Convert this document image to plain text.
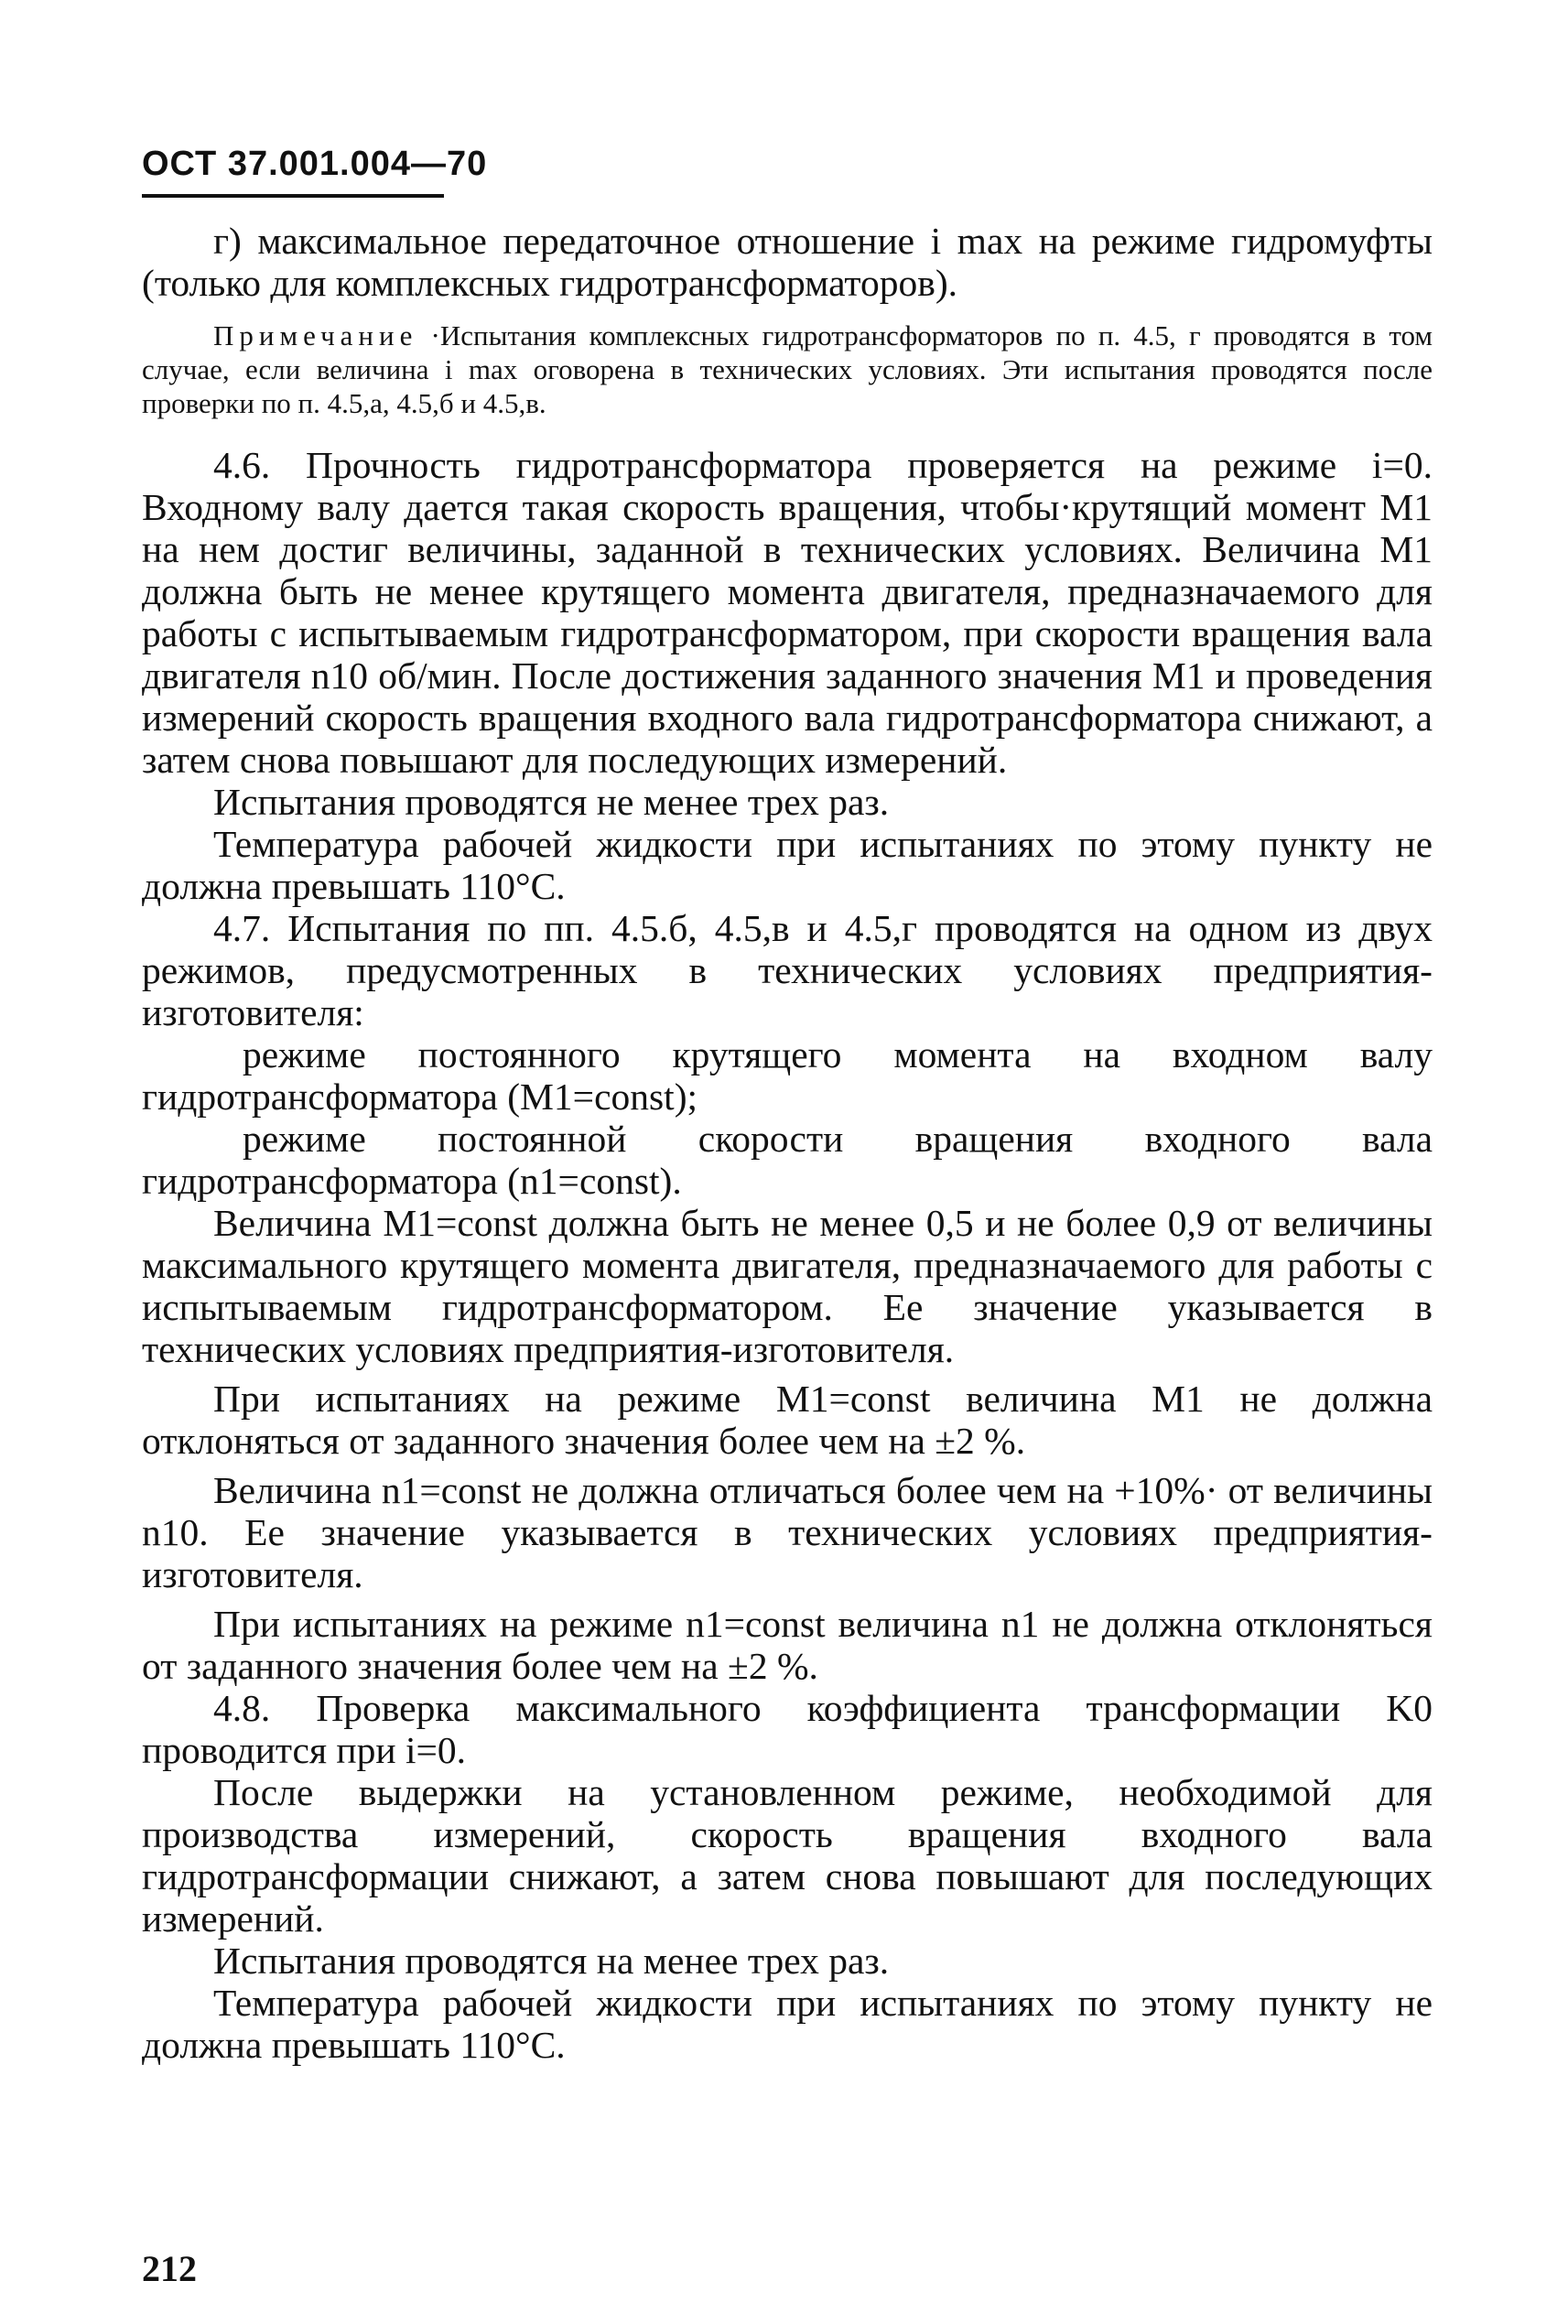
ОСТ 37.001.004—70

г) максимальное передаточное отношение i max на режиме гидромуфты (только для комплексных гидротрансформаторов).

Примечание ·Испытания комплексных гидротрансформаторов по п. 4.5, г проводятся в том случае, если величина i max оговорена в технических условиях. Эти испытания проводятся после проверки по п. 4.5,а, 4.5,б и 4.5,в.

4.6. Прочность гидротрансформатора проверяется на режиме i=0. Входному валу дается такая скорость вращения, чтобы·крутящий момент M1 на нем достиг величины, заданной в технических условиях. Величина M1 должна быть не менее крутящего момента двигателя, предназначаемого для работы с испытываемым гидротрансформатором, при скорости вращения вала двигателя n10 об/мин. После достижения заданного значения M1 и проведения измерений скорость вращения входного вала гидротрансформатора снижают, а затем снова повышают для последующих измерений.

Испытания проводятся не менее трех раз.

Температура рабочей жидкости при испытаниях по этому пункту не должна превышать 110°С.

4.7. Испытания по пп. 4.5.б, 4.5,в и 4.5,г проводятся на одном из двух режимов, предусмотренных в технических условиях предприятия-изготовителя:

режиме постоянного крутящего момента на входном валу гидротрансформатора (M1=const);

режиме постоянной скорости вращения входного вала гидротрансформатора (n1=const).

Величина M1=const должна быть не менее 0,5 и не более 0,9 от величины максимального крутящего момента двигателя, предназначаемого для работы с испытываемым гидротрансформатором. Ее значение указывается в технических условиях предприятия-изготовителя.

При испытаниях на режиме M1=const величина M1 не должна отклоняться от заданного значения более чем на ±2 %.

Величина n1=const не должна отличаться более чем на +10%· от величины n10. Ее значение указывается в технических условиях предприятия-изготовителя.

При испытаниях на режиме n1=const величина n1 не должна отклоняться от заданного значения более чем на ±2 %.

4.8. Проверка максимального коэффициента трансформации K0 проводится при i=0.

После выдержки на установленном режиме, необходимой для производства измерений, скорость вращения входного вала гидротрансформации снижают, а затем снова повышают для последующих измерений.

Испытания проводятся на менее трех раз.

Температура рабочей жидкости при испытаниях по этому пункту не должна превышать 110°С.

212
